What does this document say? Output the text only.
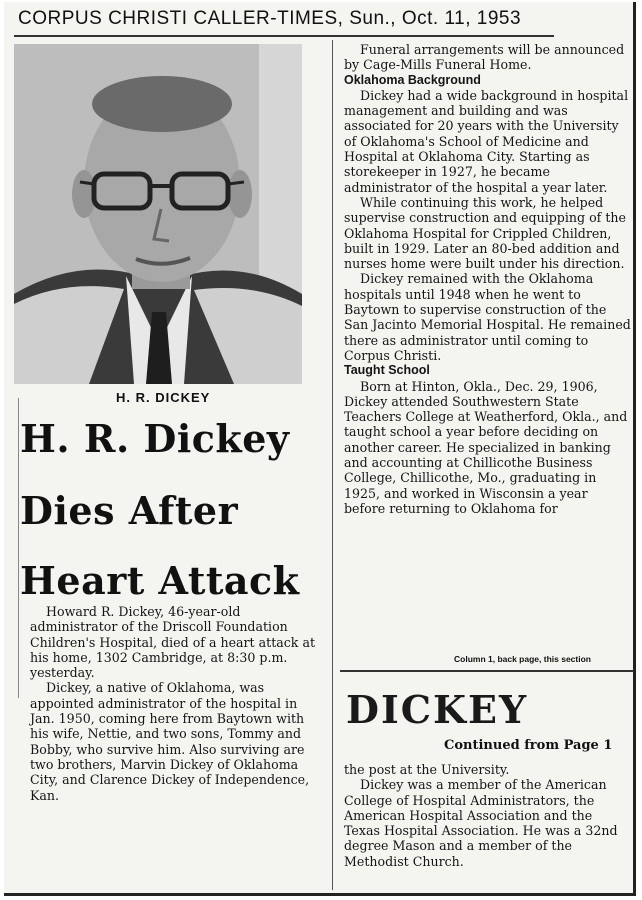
CORPUS CHRISTI CALLER-TIMES, Sun., Oct. 11, 1953
H. R. DICKEY
H. R. Dickey
Dies After
Heart Attack

Howard R. Dickey, 46-year-old administrator of the Driscoll Foundation Children's Hospital, died of a heart attack at his home, 1302 Cambridge, at 8:30 p.m. yesterday.

Dickey, a native of Oklahoma, was appointed administrator of the hospital in Jan. 1950, coming here from Baytown with his wife, Nettie, and two sons, Tommy and Bobby, who survive him. Also surviving are two brothers, Marvin Dickey of Oklahoma City, and Clarence Dickey of Independence, Kan.

Funeral arrangements will be announced by Cage-Mills Funeral Home.

Oklahoma Background

Dickey had a wide background in hospital management and building and was associated for 20 years with the University of Oklahoma's School of Medicine and Hospital at Oklahoma City. Starting as storekeeper in 1927, he became administrator of the hospital a year later.

While continuing this work, he helped supervise construction and equipping of the Oklahoma Hospital for Crippled Children, built in 1929. Later an 80-bed addition and nurses home were built under his direction.

Dickey remained with the Oklahoma hospitals until 1948 when he went to Baytown to supervise construction of the San Jacinto Memorial Hospital. He remained there as administrator until coming to Corpus Christi.

Taught School

Born at Hinton, Okla., Dec. 29, 1906, Dickey attended Southwestern State Teachers College at Weatherford, Okla., and taught school a year before deciding on another career. He specialized in banking and accounting at Chillicothe Business College, Chillicothe, Mo., graduating in 1925, and worked in Wisconsin a year before returning to Oklahoma for

Column 1, back page, this section
DICKEY
Continued from Page 1

the post at the University.

Dickey was a member of the American College of Hospital Administrators, the American Hospital Association and the Texas Hospital Association. He was a 32nd degree Mason and a member of the Methodist Church.
